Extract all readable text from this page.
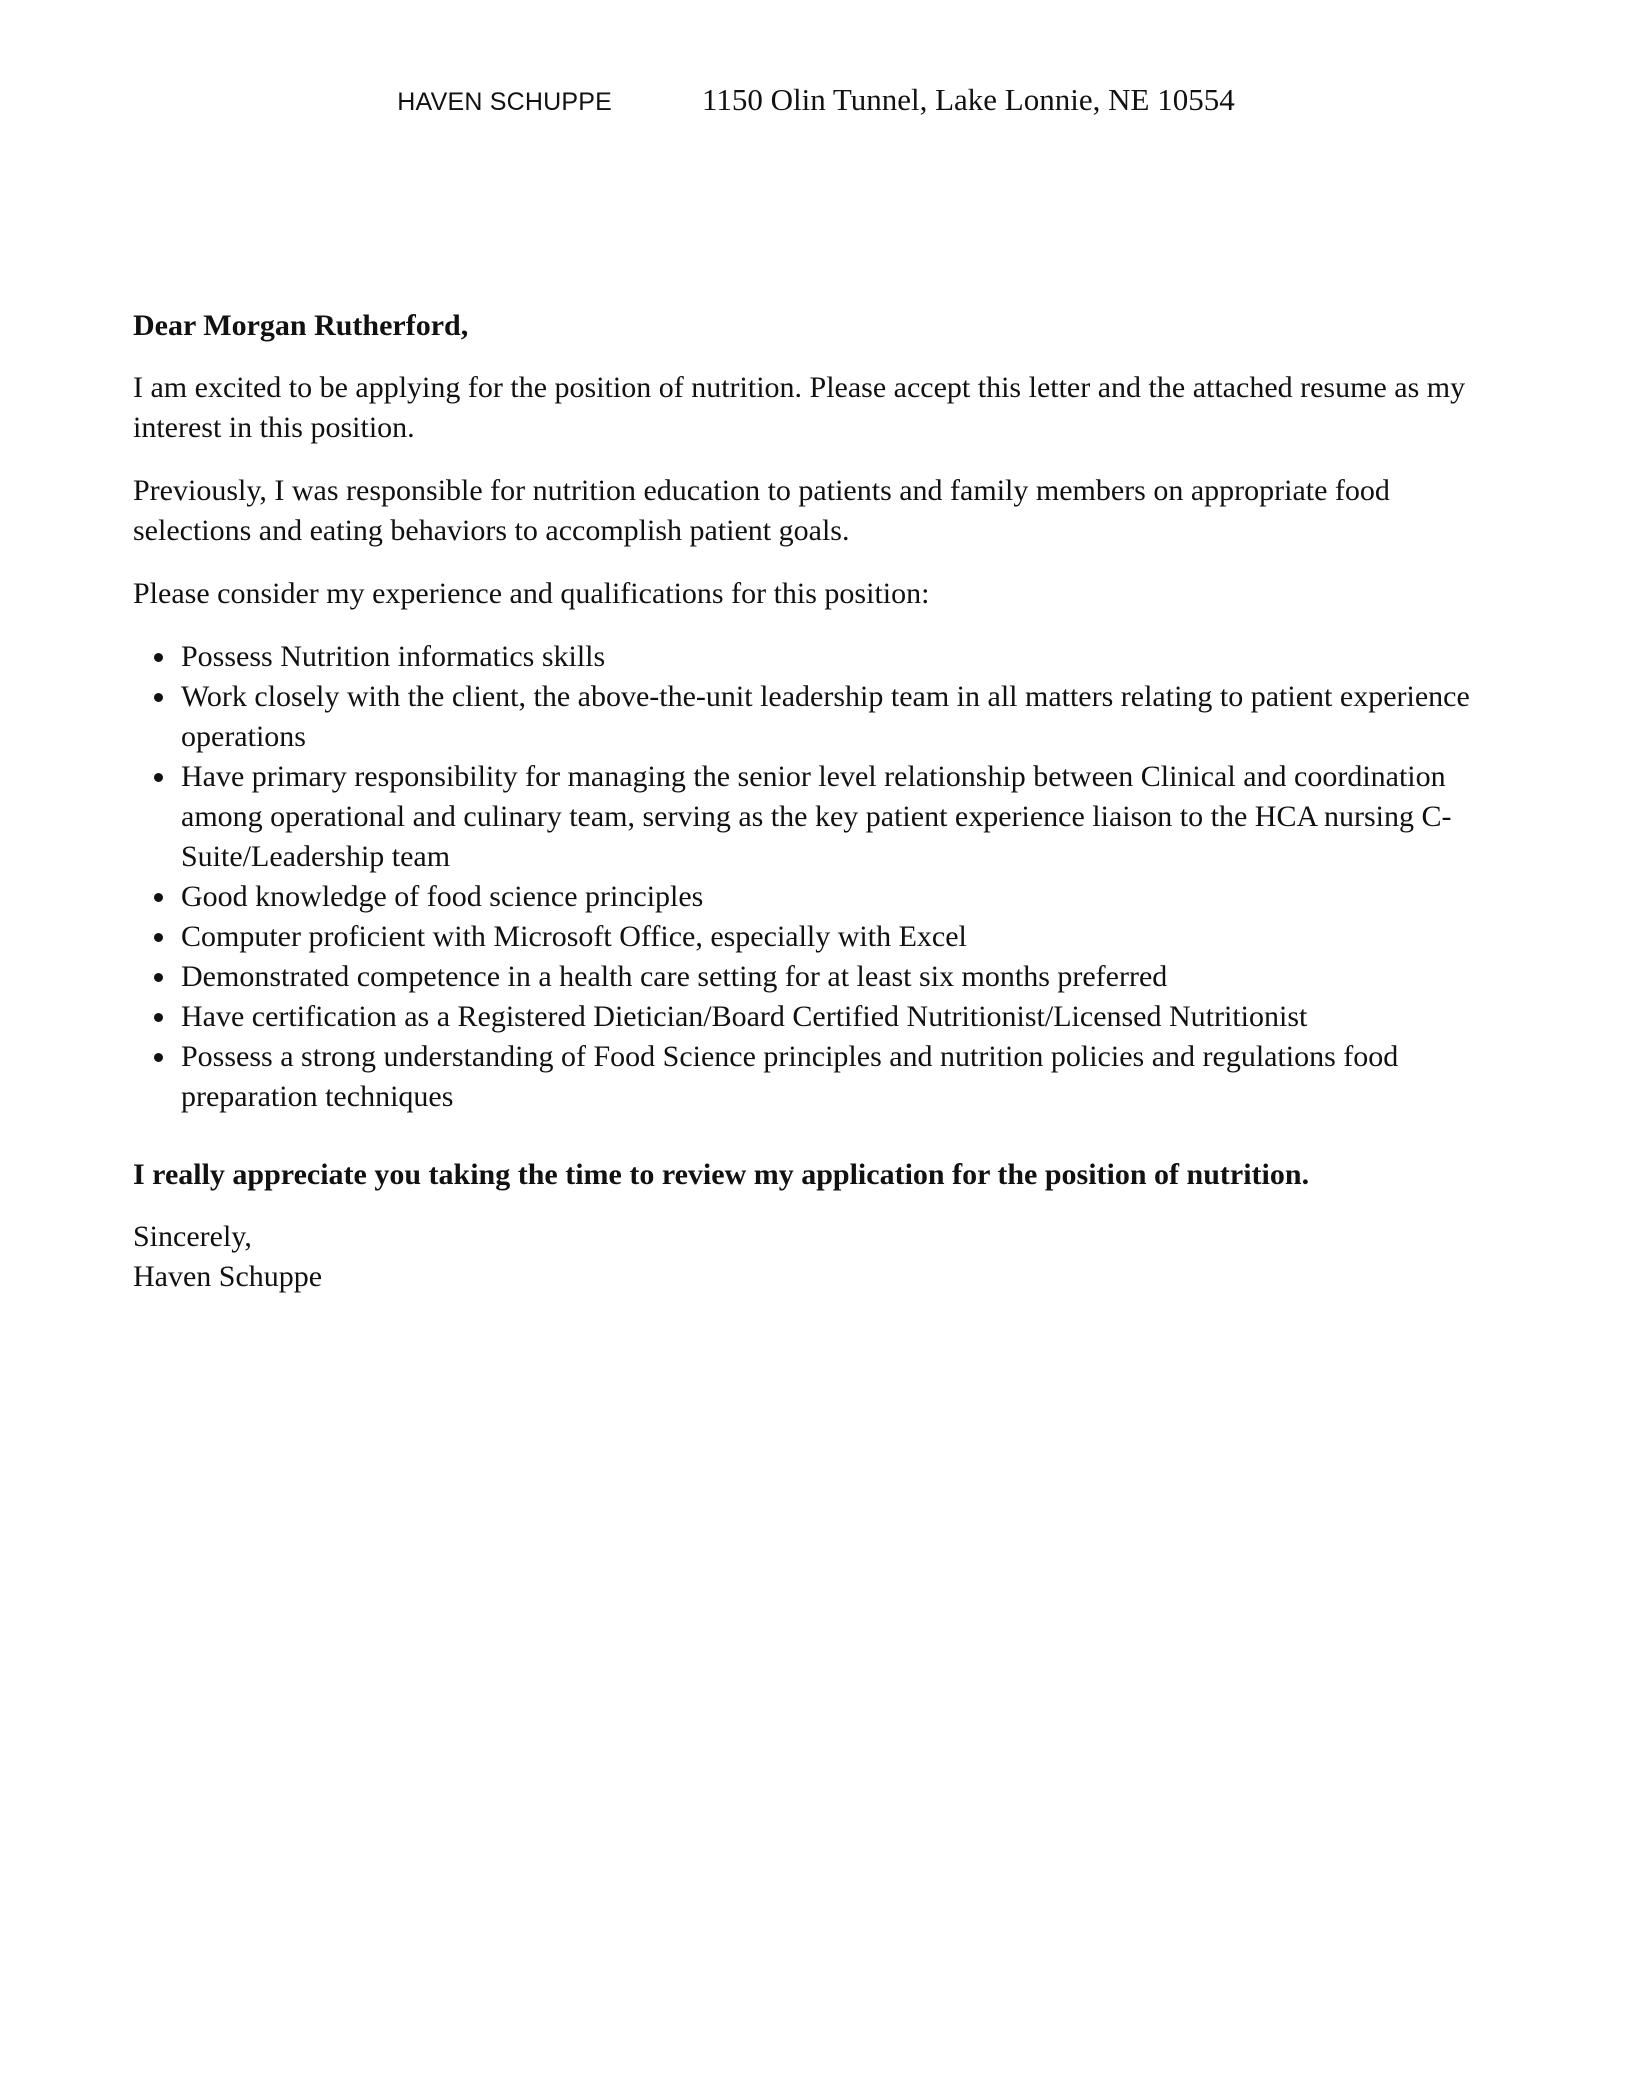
HAVEN SCHUPPE	1150 Olin Tunnel, Lake Lonnie, NE 10554

Dear Morgan Rutherford,

I am excited to be applying for the position of nutrition. Please accept this letter and the attached resume as my interest in this position.

Previously, I was responsible for nutrition education to patients and family members on appropriate food selections and eating behaviors to accomplish patient goals.

Please consider my experience and qualifications for this position:

Possess Nutrition informatics skills
Work closely with the client, the above-the-unit leadership team in all matters relating to patient experience operations
Have primary responsibility for managing the senior level relationship between Clinical and coordination among operational and culinary team, serving as the key patient experience liaison to the HCA nursing C-Suite/Leadership team
Good knowledge of food science principles
Computer proficient with Microsoft Office, especially with Excel
Demonstrated competence in a health care setting for at least six months preferred
Have certification as a Registered Dietician/Board Certified Nutritionist/Licensed Nutritionist
Possess a strong understanding of Food Science principles and nutrition policies and regulations food preparation techniques

I really appreciate you taking the time to review my application for the position of nutrition.

Sincerely,
Haven Schuppe
